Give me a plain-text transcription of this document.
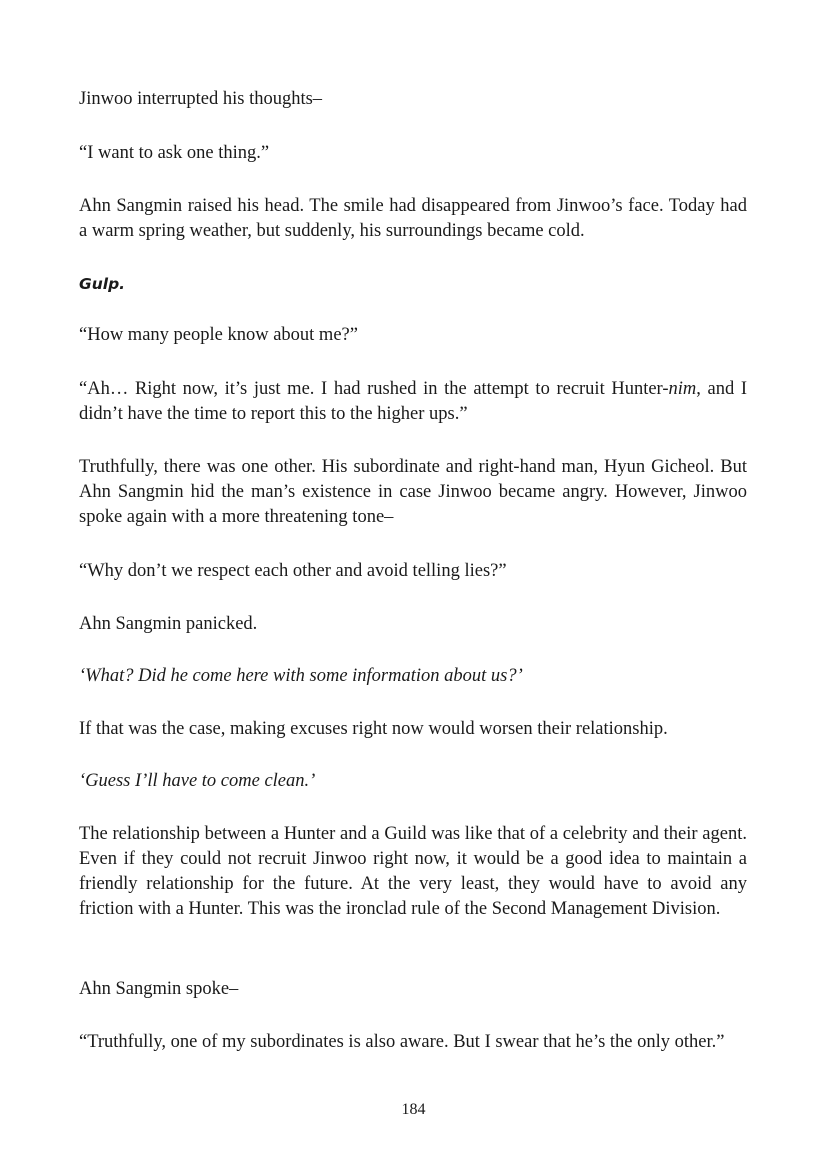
Jinwoo interrupted his thoughts–

“I want to ask one thing.”

Ahn Sangmin raised his head. The smile had disappeared from Jinwoo’s face. Today had a warm spring weather, but suddenly, his surroundings became cold.

Gulp.

“How many people know about me?”

“Ah… Right now, it’s just me. I had rushed in the attempt to recruit Hunter-nim, and I didn’t have the time to report this to the higher ups.”

Truthfully, there was one other. His subordinate and right-hand man, Hyun Gicheol. But Ahn Sangmin hid the man’s existence in case Jinwoo became angry. However, Jinwoo spoke again with a more threatening tone–

“Why don’t we respect each other and avoid telling lies?”

Ahn Sangmin panicked.

‘What? Did he come here with some information about us?’

If that was the case, making excuses right now would worsen their relationship.

‘Guess I’ll have to come clean.’

The relationship between a Hunter and a Guild was like that of a celebrity and their agent. Even if they could not recruit Jinwoo right now, it would be a good idea to maintain a friendly relationship for the future. At the very least, they would have to avoid any friction with a Hunter. This was the ironclad rule of the Second Management Division.

Ahn Sangmin spoke–

“Truthfully, one of my subordinates is also aware. But I swear that he’s the only other.”

184
